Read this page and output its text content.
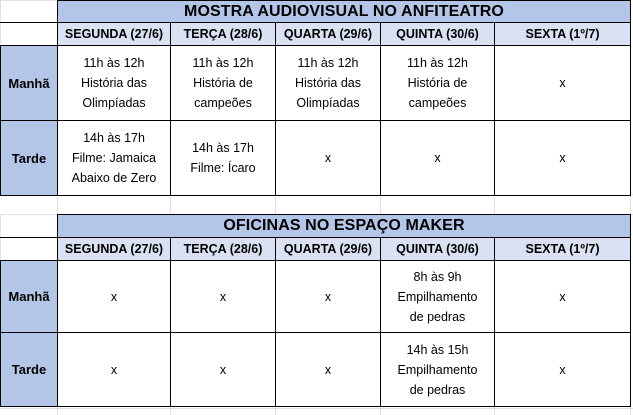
	MOSTRA AUDIOVISUAL NO ANFITEATRO				
	SEGUNDA (27/6)	TERÇA (28/6)	QUARTA (29/6)	QUINTA (30/6)	SEXTA (1º/7)
Manhã	11h às 12h
História das
Olimpíadas	11h às 12h
História de
campeões	11h às 12h
História das
Olimpíadas	11h às 12h
História de
campeões	x
Tarde	14h às 17h
Filme: Jamaica
Abaixo de Zero	14h às 17h
Filme: Ícaro	x	x	x
	OFICINAS NO ESPAÇO MAKER				
	SEGUNDA (27/6)	TERÇA (28/6)	QUARTA (29/6)	QUINTA (30/6)	SEXTA (1º/7)
Manhã	x	x	x	8h às 9h
Empilhamento
de pedras	x
Tarde	x	x	x	14h às 15h
Empilhamento
de pedras	x
